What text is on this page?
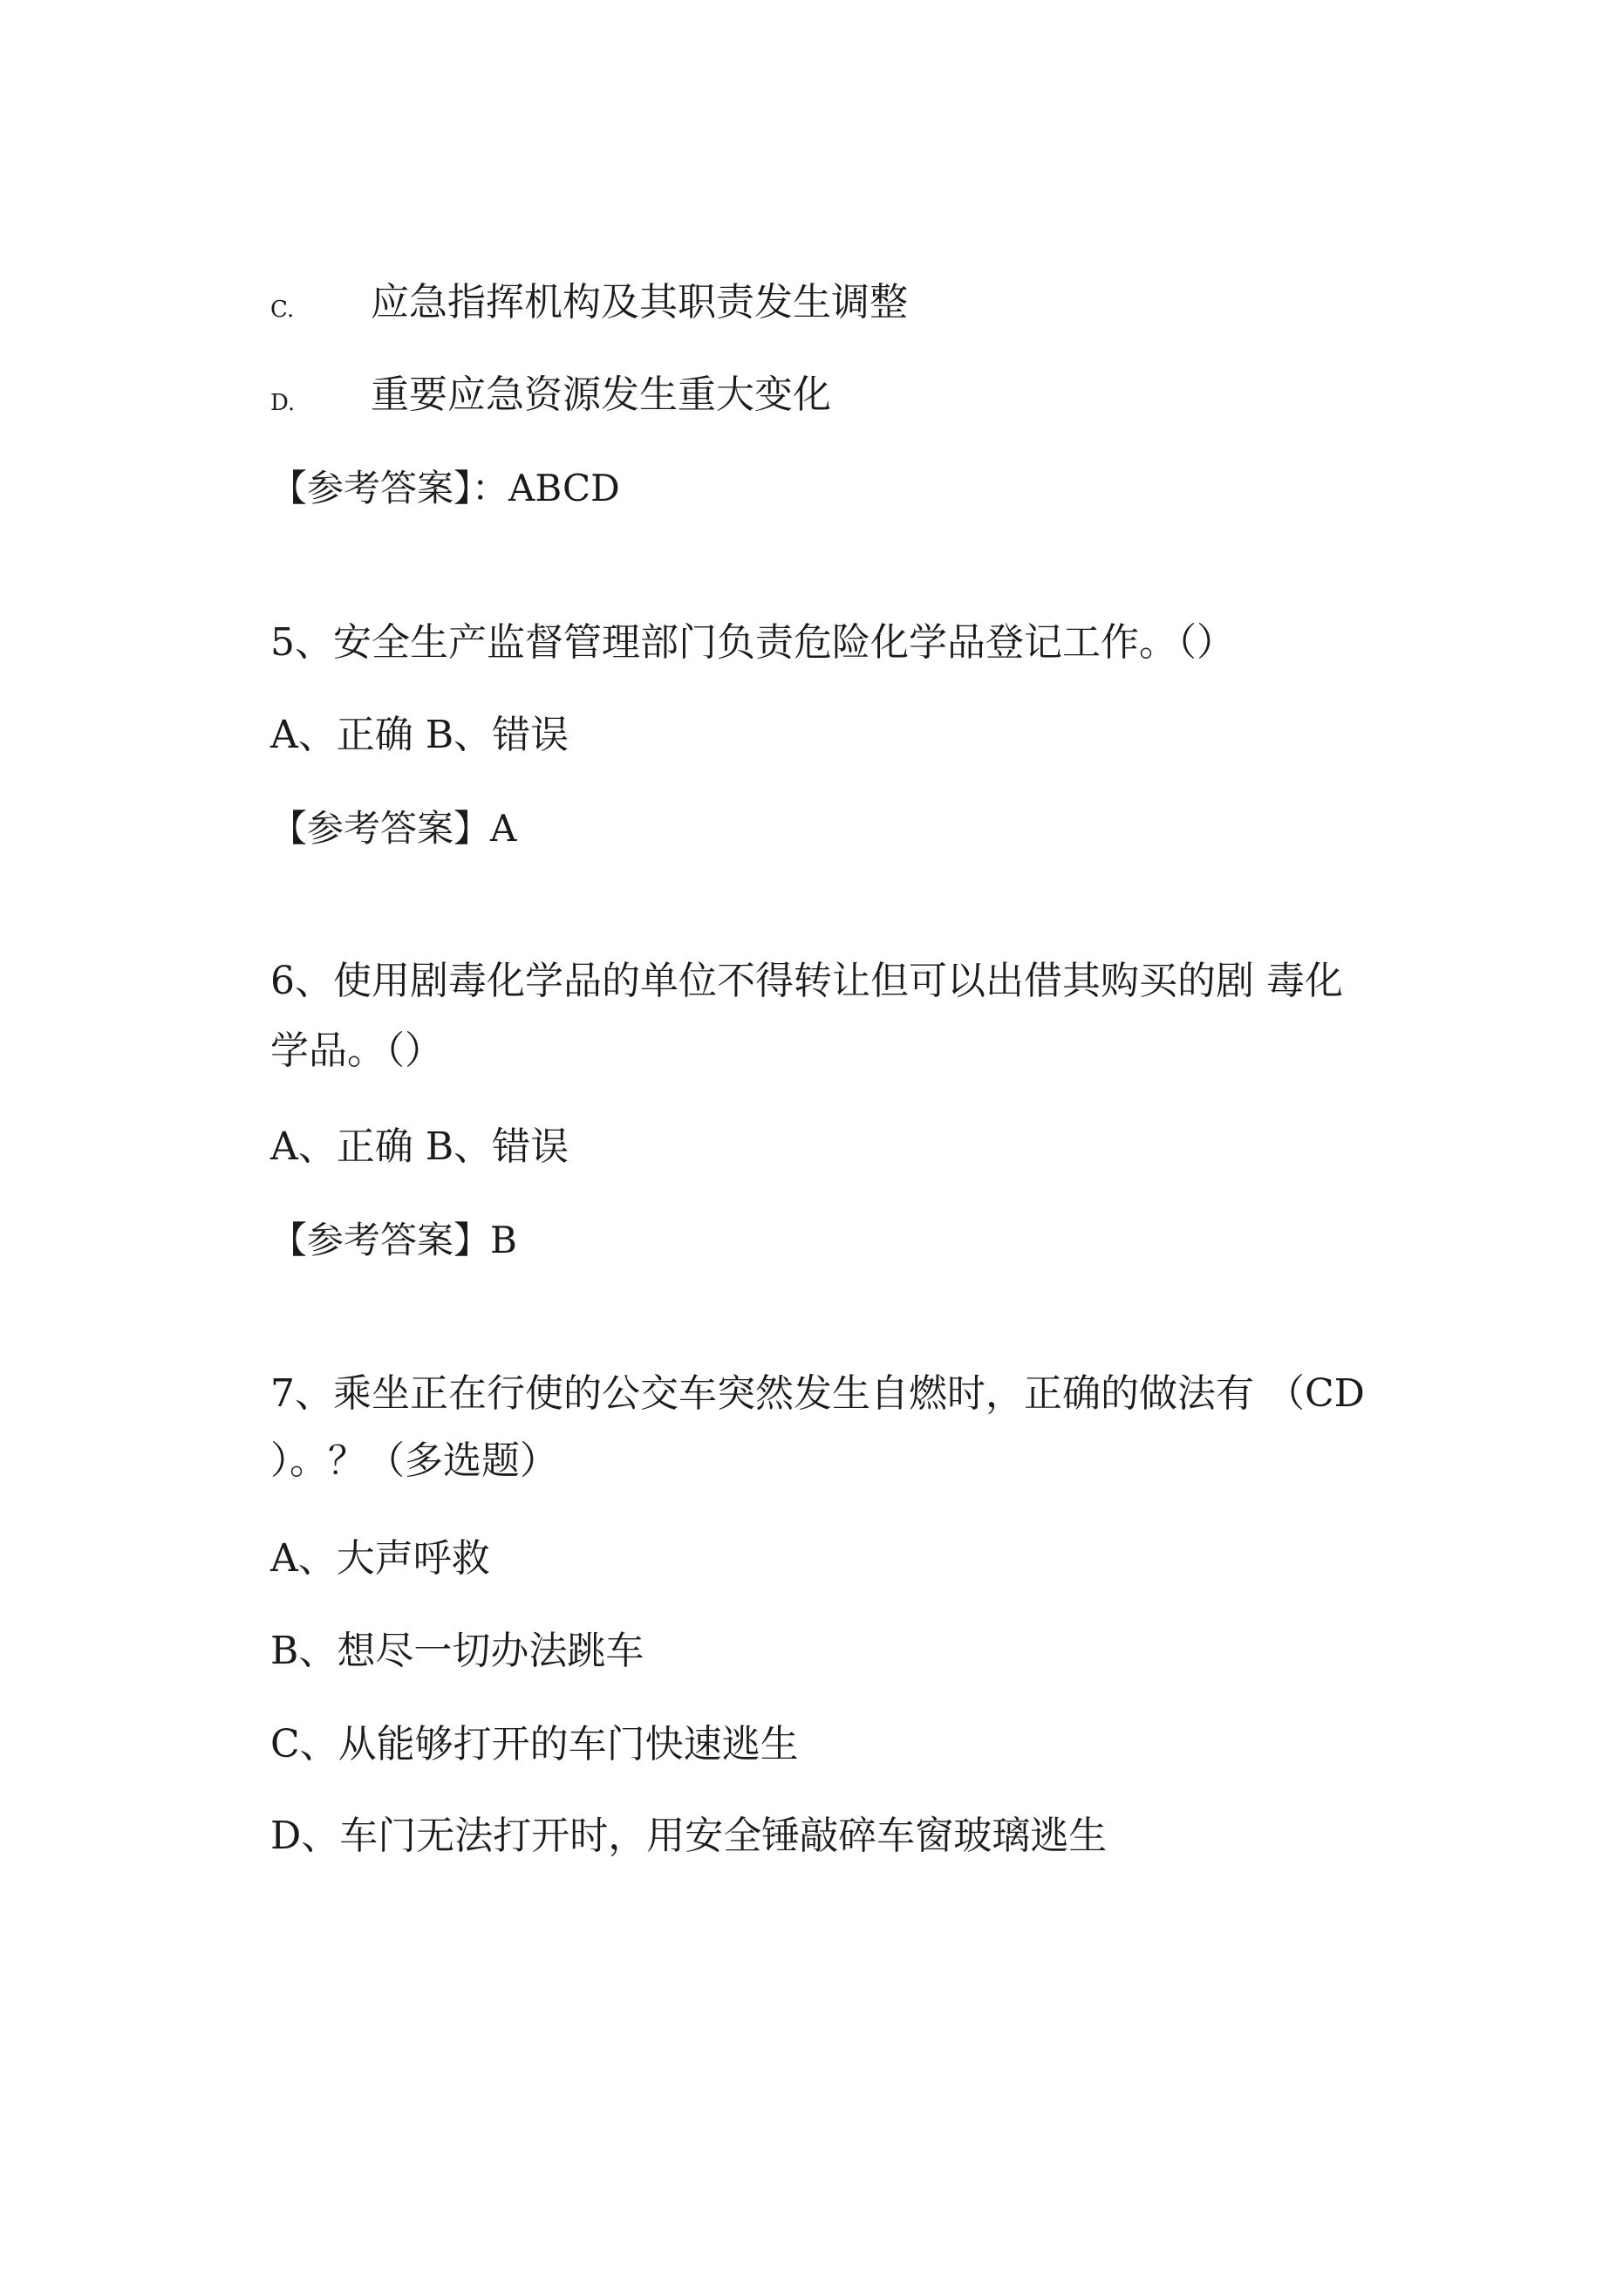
C. 应急指挥机构及其职责发生调整
D. 重要应急资源发生重大变化
【参考答案】：ABCD
5、安全生产监督管理部门负责危险化学品登记工作。（）
A、正确 B、错误
【参考答案】A
6、使用剧毒化学品的单位不得转让但可以出借其购买的剧 毒化
学品。（）
A、正确 B、错误
【参考答案】B
7、乘坐正在行使的公交车突然发生自燃时，正确的做法有 （CD
）。？（多选题）
A、大声呼救
B、想尽一切办法跳车
C、从能够打开的车门快速逃生
D、车门无法打开时，用安全锤敲碎车窗玻璃逃生
